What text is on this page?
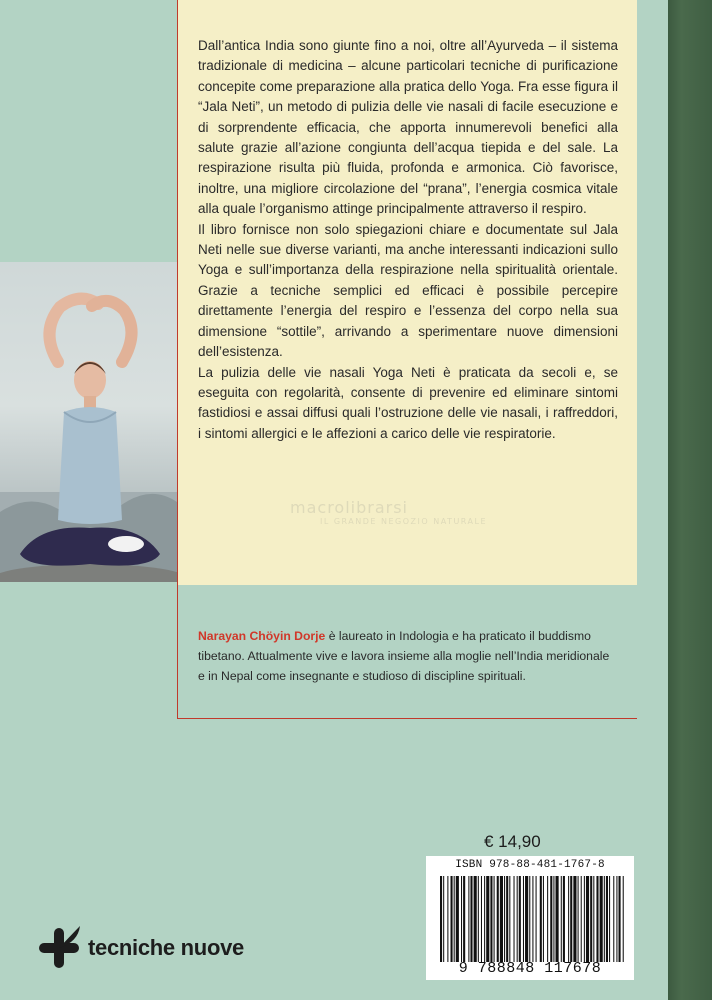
Dall’antica India sono giunte fino a noi, oltre all’Ayurveda – il sistema tradizionale di medicina – alcune particolari tecniche di purificazione concepite come preparazione alla pratica dello Yoga. Fra esse figura il “Jala Neti”, un metodo di pulizia delle vie nasali di facile esecuzione e di sorprendente efficacia, che apporta innumerevoli benefici alla salute grazie all’azione congiunta dell’acqua tiepida e del sale. La respirazione risulta più fluida, profonda e armonica. Ciò favorisce, inoltre, una migliore circolazione del “prana”, l’energia cosmica vitale alla quale l’organismo attinge principalmente attraverso il respiro.

Il libro fornisce non solo spiegazioni chiare e documentate sul Jala Neti nelle sue diverse varianti, ma anche interessanti indicazioni sullo Yoga e sull’importanza della respirazione nella spiritualità orientale. Grazie a tecniche semplici ed efficaci è possibile percepire direttamente l’energia del respiro e l’essenza del corpo nella sua dimensione “sottile”, arrivando a sperimentare nuove dimensioni dell’esistenza.

La pulizia delle vie nasali Yoga Neti è praticata da secoli e, se eseguita con regolarità, consente di prevenire ed eliminare sintomi fastidiosi e assai diffusi quali l’ostruzione delle vie nasali, i raffreddori, i sintomi allergici e le affezioni a carico delle vie respiratorie.

macrolibrarsi
IL GRANDE NEGOZIO NATURALE
Narayan Chöyin Dorje è laureato in Indologia e ha praticato il buddismo tibetano. Attualmente vive e lavora insieme alla moglie nell’India meridionale e in Nepal come insegnante e studioso di discipline spirituali.
€ 14,90
ISBN 978-88-481-1767-8
9 788848 117678
tecniche nuove
